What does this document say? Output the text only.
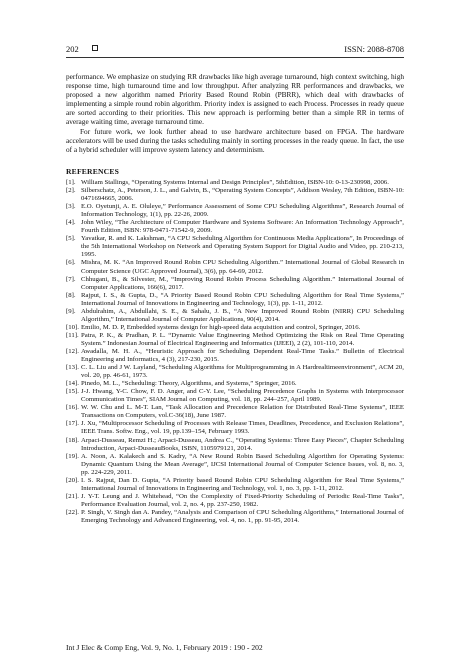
202	ISSN: 2088-8708

performance. We emphasize on studying RR drawbacks like high average turnaround, high context switching, high response time, high turnaround time and low throughput. After analyzing RR performances and drawbacks, we proposed a new algorithm named Priority Based Round Robin (PBRR), which deal with drawbacks of implementing a simple round robin algorithm. Priority index is assigned to each Process. Processes in ready queue are sorted according to their priorities. This new approach is performing better than a simple RR in terms of average waiting time, average turnaround time.

For future work, we look further ahead to use hardware architecture based on FPGA. The hardware accelerators will be used during the tasks scheduling mainly in sorting processes in the ready queue. In fact, the use of a hybrid scheduler will improve system latency and determinism.

REFERENCES
[1]. William Stallings, “Operating Systems Internal and Design Principles”, 5thEdition, ISBN-10: 0-13-230998, 2006.
[2]. Silberschatz, A., Peterson, J. L., and Galvin, B., “Operating System Concepts”, Addison Wesley, 7th Edition, ISBN-10: 0471694665, 2006.
[3]. E.O. Oyetunji, A. E. Oluleye,” Performance Assessment of Some CPU Scheduling Algorithms”, Research Journal of Information Technology, 1(1), pp. 22-26, 2009.
[4]. John Wiley, “The Architecture of Computer Hardware and Systems Software: An Information Technology Approach”, Fourth Edition, ISBN: 978-0471-71542-9, 2009.
[5]. Yavatkar, R. and K. Lakshman, “A CPU Scheduling Algorithm for Continuous Media Applications”, In Proceedings of the 5th International Workshop on Network and Operating System Support for Digital Audio and Video, pp. 210-213, 1995.
[6]. Mishra, M. K. “An Improved Round Robin CPU Scheduling Algorithm.” International Journal of Global Research in Computer Science (UGC Approved Journal), 3(6), pp. 64-69, 2012.
[7]. Chhugani, B., & Silvester, M., “Improving Round Robin Process Scheduling Algorithm.” International Journal of Computer Applications, 166(6), 2017.
[8]. Rajput, I. S., & Gupta, D., “A Priority Based Round Robin CPU Scheduling Algorithm for Real Time Systems,” International Journal of Innovations in Engineering and Technology, 1(3), pp. 1-11, 2012.
[9]. Abdulrahim, A., Abdullahi, S. E., & Sahalu, J. B., “A New Improved Round Robin (NIRR) CPU Scheduling Algorithm,” International Journal of Computer Applications, 90(4), 2014.
[10]. Emilio, M. D. P, Embedded systems design for high-speed data acquisition and control, Springer, 2016.
[11]. Patra, P. K., & Pradhan, P. L. “Dynamic Value Engineering Method Optimizing the Risk on Real Time Operating System.” Indonesian Journal of Electrical Engineering and Informatics (IJEEI), 2 (2), 101-110, 2014.
[12]. Awadalla, M. H. A., “Heuristic Approach for Scheduling Dependent Real-Time Tasks.” Bulletin of Electrical Engineering and Informatics, 4 (3), 217-230, 2015.
[13]. C. L. Liu and J W. Layland, “Scheduling Algorithms for Multiprogramming in A Hardrealtimeenvironment”, ACM 20, vol. 20, pp. 46-61, 1973.
[14]. Pinedo, M. L., “Scheduling: Theory, Algorithms, and Systems,” Springer, 2016.
[15]. J-J. Hwang, Y-C. Chow, F. D. Anger, and C-Y. Lee, “Scheduling Precedence Graphs in Systems with Interprocessor Communication Times”, SIAM Journal on Computing, vol. 18, pp. 244–257, April 1989.
[16]. W. W. Chu and L. M-T. Lan, “Task Allocation and Precedence Relation for Distributed Real-Time Systems”, IEEE Transactions on Computers, vol.C-36(18), June 1987.
[17]. J. Xu, “Multiprocessor Scheduling of Processes with Release Times, Deadlines, Precedence, and Exclusion Relations”, IEEE Trans. Softw. Eng., vol. 19, pp.139–154, February 1993.
[18]. Arpaci-Dusseau, Remzi H.; Arpaci-Dusseau, Andrea C., “Operating Systems: Three Easy Pieces”, Chapter Scheduling Introduction, Arpaci-DusseauBooks, ISBN, 1105979121, 2014.
[19]. A. Noon, A. Kalakech and S. Kadry, “A New Round Robin Based Scheduling Algorithm for Operating Systems: Dynamic Quantum Using the Mean Average”, IJCSI International Journal of Computer Science Issues, vol. 8, no. 3, pp. 224-229, 2011.
[20]. I. S. Rajput, Dan D. Gupta, “A Priority based Round Robin CPU Scheduling Algorithm for Real Time Systems,” International Journal of Innovations in Engineering and Technology, vol. 1, no. 3, pp. 1-11, 2012.
[21]. J. Y-T. Leung and J. Whitehead, “On the Complexity of Fixed-Priority Scheduling of Periodic Real-Time Tasks”, Performance Evaluation Journal, vol. 2, no. 4, pp. 237-250, 1982.
[22]. P. Singh, V. Singh dan A. Pandey, “Analysis and Comparison of CPU Scheduling Algorithms,” International Journal of Emerging Technology and Advanced Engineering, vol. 4, no. 1, pp. 91-95, 2014.
Int J Elec & Comp Eng, Vol. 9, No. 1, February 2019 : 190 - 202
